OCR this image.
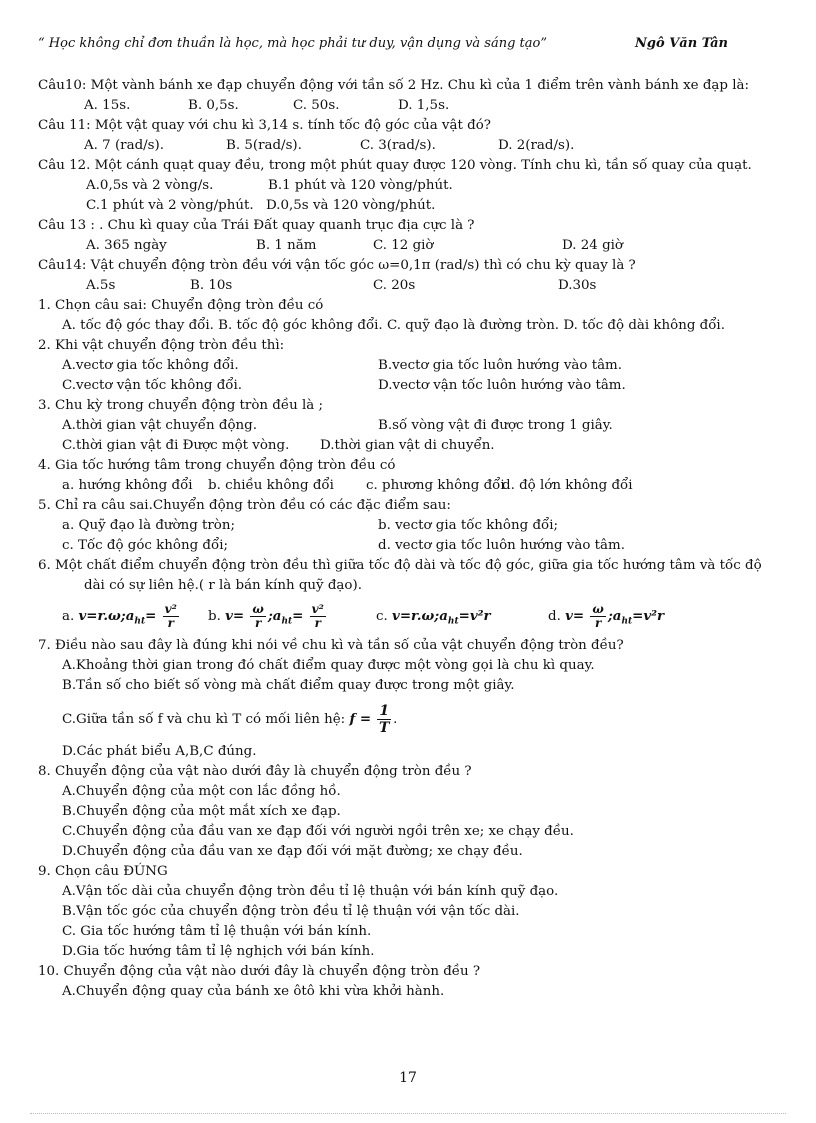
“ Học không chỉ đơn thuần là học, mà học phải tư duy, vận dụng và sáng tạo”	Ngô Văn Tân
Câu10: Một vành bánh xe đạp chuyển động với tần số 2 Hz. Chu kì của 1 điểm trên vành bánh xe đạp là:
A. 15s.	B. 0,5s.	C. 50s.	D. 1,5s.
Câu 11: Một vật quay với chu kì 3,14 s. tính tốc độ góc của vật đó?
A. 7 (rad/s).	B. 5(rad/s).	C. 3(rad/s).	D. 2(rad/s).
Câu 12. Một cánh quạt quay đều, trong một phút quay được 120 vòng. Tính chu kì, tần số quay của quạt.
A.0,5s và 2 vòng/s.	B.1 phút và 120 vòng/phút.
C.1 phút và 2 vòng/phút. D.0,5s và 120 vòng/phút.
Câu 13 : . Chu kì quay của Trái Đất quay quanh trục địa cực là ?
A. 365 ngày	B. 1 năm	C. 12 giờ	D. 24 giờ
Câu14: Vật chuyển động tròn đều với vận tốc góc ω=0,1π (rad/s) thì có chu kỳ quay là ?
A.5s	B. 10s	C. 20s	D.30s
1. Chọn câu sai: Chuyển động tròn đều có
A. tốc độ góc thay đổi. B. tốc độ góc không đổi. C. quỹ đạo là đường tròn. D. tốc độ dài không đổi.
2. Khi vật chuyển động tròn đều thì:
A.vectơ gia tốc không đổi.	B.vectơ gia tốc luôn hướng vào tâm.
C.vectơ vận tốc không đổi.	D.vectơ vận tốc luôn hướng vào tâm.
3. Chu kỳ trong chuyển động tròn đều là ;
A.thời gian vật chuyển động.	B.số vòng vật đi được trong 1 giây.
C.thời gian vật đi Được một vòng. D.thời gian vật di chuyển.
4. Gia tốc hướng tâm trong chuyển động tròn đều có
a. hướng không đổi b. chiều không đổi c. phương không đổi
d. độ lớn không đổi
5. Chỉ ra câu sai.Chuyển động tròn đều có các đặc điểm sau:
a. Quỹ đạo là đường tròn;	b. vectơ gia tốc không đổi;
c. Tốc độ góc không đổi;	d. vectơ gia tốc luôn hướng vào tâm.
6. Một chất điểm chuyển động tròn đều thì giữa tốc độ dài và tốc độ góc, giữa gia tốc hướng tâm và tốc độ
dài có sự liên hệ.( r là bán kính quỹ đạo).
a. $v=r.\omega;a_{ht}= \frac{\text{v²}}{r} b$. $v= \frac{\omega}{r}$ $;a_{ht}= \frac{\text{v²}}{r}$	c. $v=r.\omega;a_{ht}=v^2r$	d. $v= \frac{\omega}{r}$ $;a_{ht}=v^2r$
7. Điều nào sau đây là đúng khi nói về chu kì và tần số của vật chuyển động tròn đều?
A.Khoảng thời gian trong đó chất điểm quay được một vòng gọi là chu kì quay.
B.Tần số cho biết số vòng mà chất điểm quay được trong một giây.
C.Giữa tần số f và chu kì T có mối liên hệ: $f = \frac{1}{T}$ .
D.Các phát biểu A,B,C đúng.
8. Chuyển động của vật nào dưới đây là chuyển động tròn đều ?
A.Chuyển động của một con lắc đồng hồ.
B.Chuyển động của một mắt xích xe đạp.
C.Chuyển động của đầu van xe đạp đối với người ngồi trên xe; xe chạy đều.
D.Chuyển động của đầu van xe đạp đối với mặt đường; xe chạy đều.
9. Chọn câu ĐÚNG
A.Vận tốc dài của chuyển động tròn đều tỉ lệ thuận với bán kính quỹ đạo.
B.Vận tốc góc của chuyển động tròn đều tỉ lệ thuận với vận tốc dài.
C. Gia tốc hướng tâm tỉ lệ thuận với bán kính.
D.Gia tốc hướng tâm tỉ lệ nghịch với bán kính.
10. Chuyển động của vật nào dưới đây là chuyển động tròn đều ?
A.Chuyển động quay của bánh xe ôtô khi vừa khởi hành.
17
